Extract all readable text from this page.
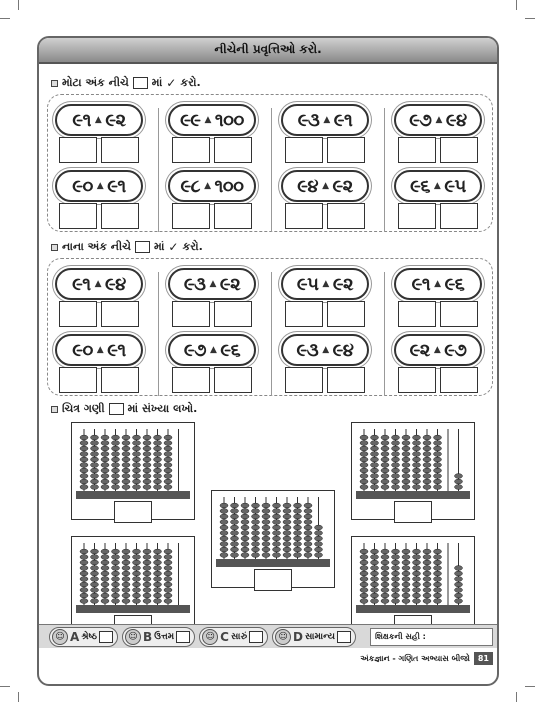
નીચેની પ્રવૃત્તિઓ કરો.
મોટા અંક નીચે માં ✓ કરો.
૯૧ ▲ ૯૨	૯૯ ▲ ૧૦૦	૯૩ ▲ ૯૧	૯૭ ▲ ૯૪
૯૦ ▲ ૯૧	૯૮ ▲ ૧૦૦	૯૪ ▲ ૯૨	૯૬ ▲ ૯૫
નાના અંક નીચે માં ✓ કરો.
૯૧ ▲ ૯૪	૯૩ ▲ ૯૨	૯૫ ▲ ૯૨	૯૧ ▲ ૯૬
૯૦ ▲ ૯૧	૯૭ ▲ ૯૬	૯૩ ▲ ૯૪	૯૨ ▲ ૯૭
ચિત્ર ગણી માં સંખ્યા લખો.
☺ A શ્રેષ્ઠ	☺ B ઉત્તમ	☺ C સારું	☺ D સામાન્ય	શિક્ષકની સહી :
અંકજ્ઞાન - ગણિત અભ્યાસ બીજો	81
